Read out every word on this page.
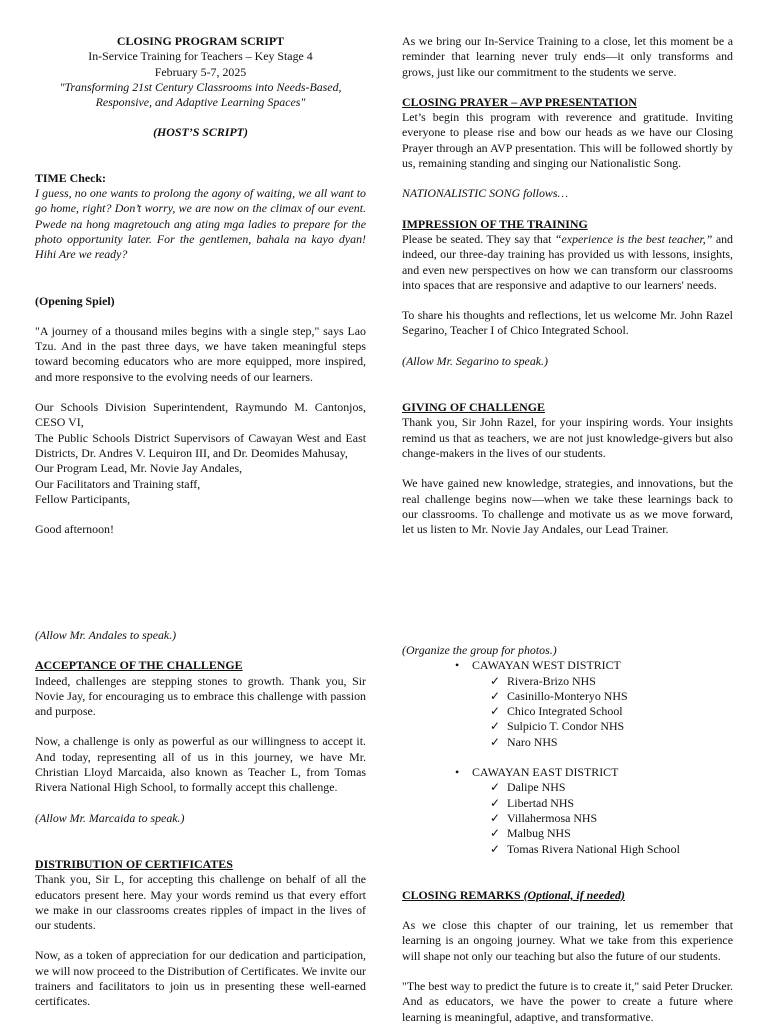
CLOSING PROGRAM SCRIPT

In-Service Training for Teachers – Key Stage 4

February 5-7, 2025

"Transforming 21st Century Classrooms into Needs-Based,

Responsive, and Adaptive Learning Spaces"

(HOST’S SCRIPT)

TIME Check:

I guess, no one wants to prolong the agony of waiting, we all want to go home, right? Don’t worry, we are now on the climax of our event. Pwede na hong magretouch ang ating mga ladies to prepare for the photo opportunity later. For the gentlemen, bahala na kayo dyan! Hihi Are we ready?

(Opening Spiel)

"A journey of a thousand miles begins with a single step," says Lao Tzu. And in the past three days, we have taken meaningful steps toward becoming educators who are more equipped, more inspired, and more responsive to the evolving needs of our learners.

Our Schools Division Superintendent, Raymundo M. Cantonjos, CESO VI,

The Public Schools District Supervisors of Cawayan West and East Districts, Dr. Andres V. Lequiron III, and Dr. Deomides Mahusay,

Our Program Lead, Mr. Novie Jay Andales,

Our Facilitators and Training staff,

Fellow Participants,

Good afternoon!

(Allow Mr. Andales to speak.)

ACCEPTANCE OF THE CHALLENGE

Indeed, challenges are stepping stones to growth. Thank you, Sir Novie Jay, for encouraging us to embrace this challenge with passion and purpose.

Now, a challenge is only as powerful as our willingness to accept it. And today, representing all of us in this journey, we have Mr. Christian Lloyd Marcaida, also known as Teacher L, from Tomas Rivera National High School, to formally accept this challenge.

(Allow Mr. Marcaida to speak.)

DISTRIBUTION OF CERTIFICATES

Thank you, Sir L, for accepting this challenge on behalf of all the educators present here. May your words remind us that every effort we make in our classrooms creates ripples of impact in the lives of our students.

Now, as a token of appreciation for our dedication and participation, we will now proceed to the Distribution of Certificates. We invite our trainers and facilitators to join us in presenting these well-earned certificates.

As we bring our In-Service Training to a close, let this moment be a reminder that learning never truly ends—it only transforms and grows, just like our commitment to the students we serve.

CLOSING PRAYER – AVP PRESENTATION

Let’s begin this program with reverence and gratitude. Inviting everyone to please rise and bow our heads as we have our Closing Prayer through an AVP presentation. This will be followed shortly by us, remaining standing and singing our Nationalistic Song.

NATIONALISTIC SONG follows…

IMPRESSION OF THE TRAINING

Please be seated. They say that “experience is the best teacher,” and indeed, our three-day training has provided us with lessons, insights, and even new perspectives on how we can transform our classrooms into spaces that are responsive and adaptive to our learners' needs.

To share his thoughts and reflections, let us welcome Mr. John Razel Segarino, Teacher I of Chico Integrated School.

(Allow Mr. Segarino to speak.)

GIVING OF CHALLENGE

Thank you, Sir John Razel, for your inspiring words. Your insights remind us that as teachers, we are not just knowledge-givers but also change-makers in the lives of our students.

We have gained new knowledge, strategies, and innovations, but the real challenge begins now—when we take these learnings back to our classrooms. To challenge and motivate us as we move forward, let us listen to Mr. Novie Jay Andales, our Lead Trainer.

(Organize the group for photos.)

• CAWAYAN WEST DISTRICT
✓ Rivera-Brizo NHS
✓ Casinillo-Monteryo NHS
✓ Chico Integrated School
✓ Sulpicio T. Condor NHS
✓ Naro NHS
• CAWAYAN EAST DISTRICT
✓ Dalipe NHS
✓ Libertad NHS
✓ Villahermosa NHS
✓ Malbug NHS
✓ Tomas Rivera National High School

CLOSING REMARKS (Optional, if needed)

As we close this chapter of our training, let us remember that learning is an ongoing journey. What we take from this experience will shape not only our teaching but also the future of our students.

"The best way to predict the future is to create it," said Peter Drucker. And as educators, we have the power to create a future where learning is meaningful, adaptive, and transformative.
